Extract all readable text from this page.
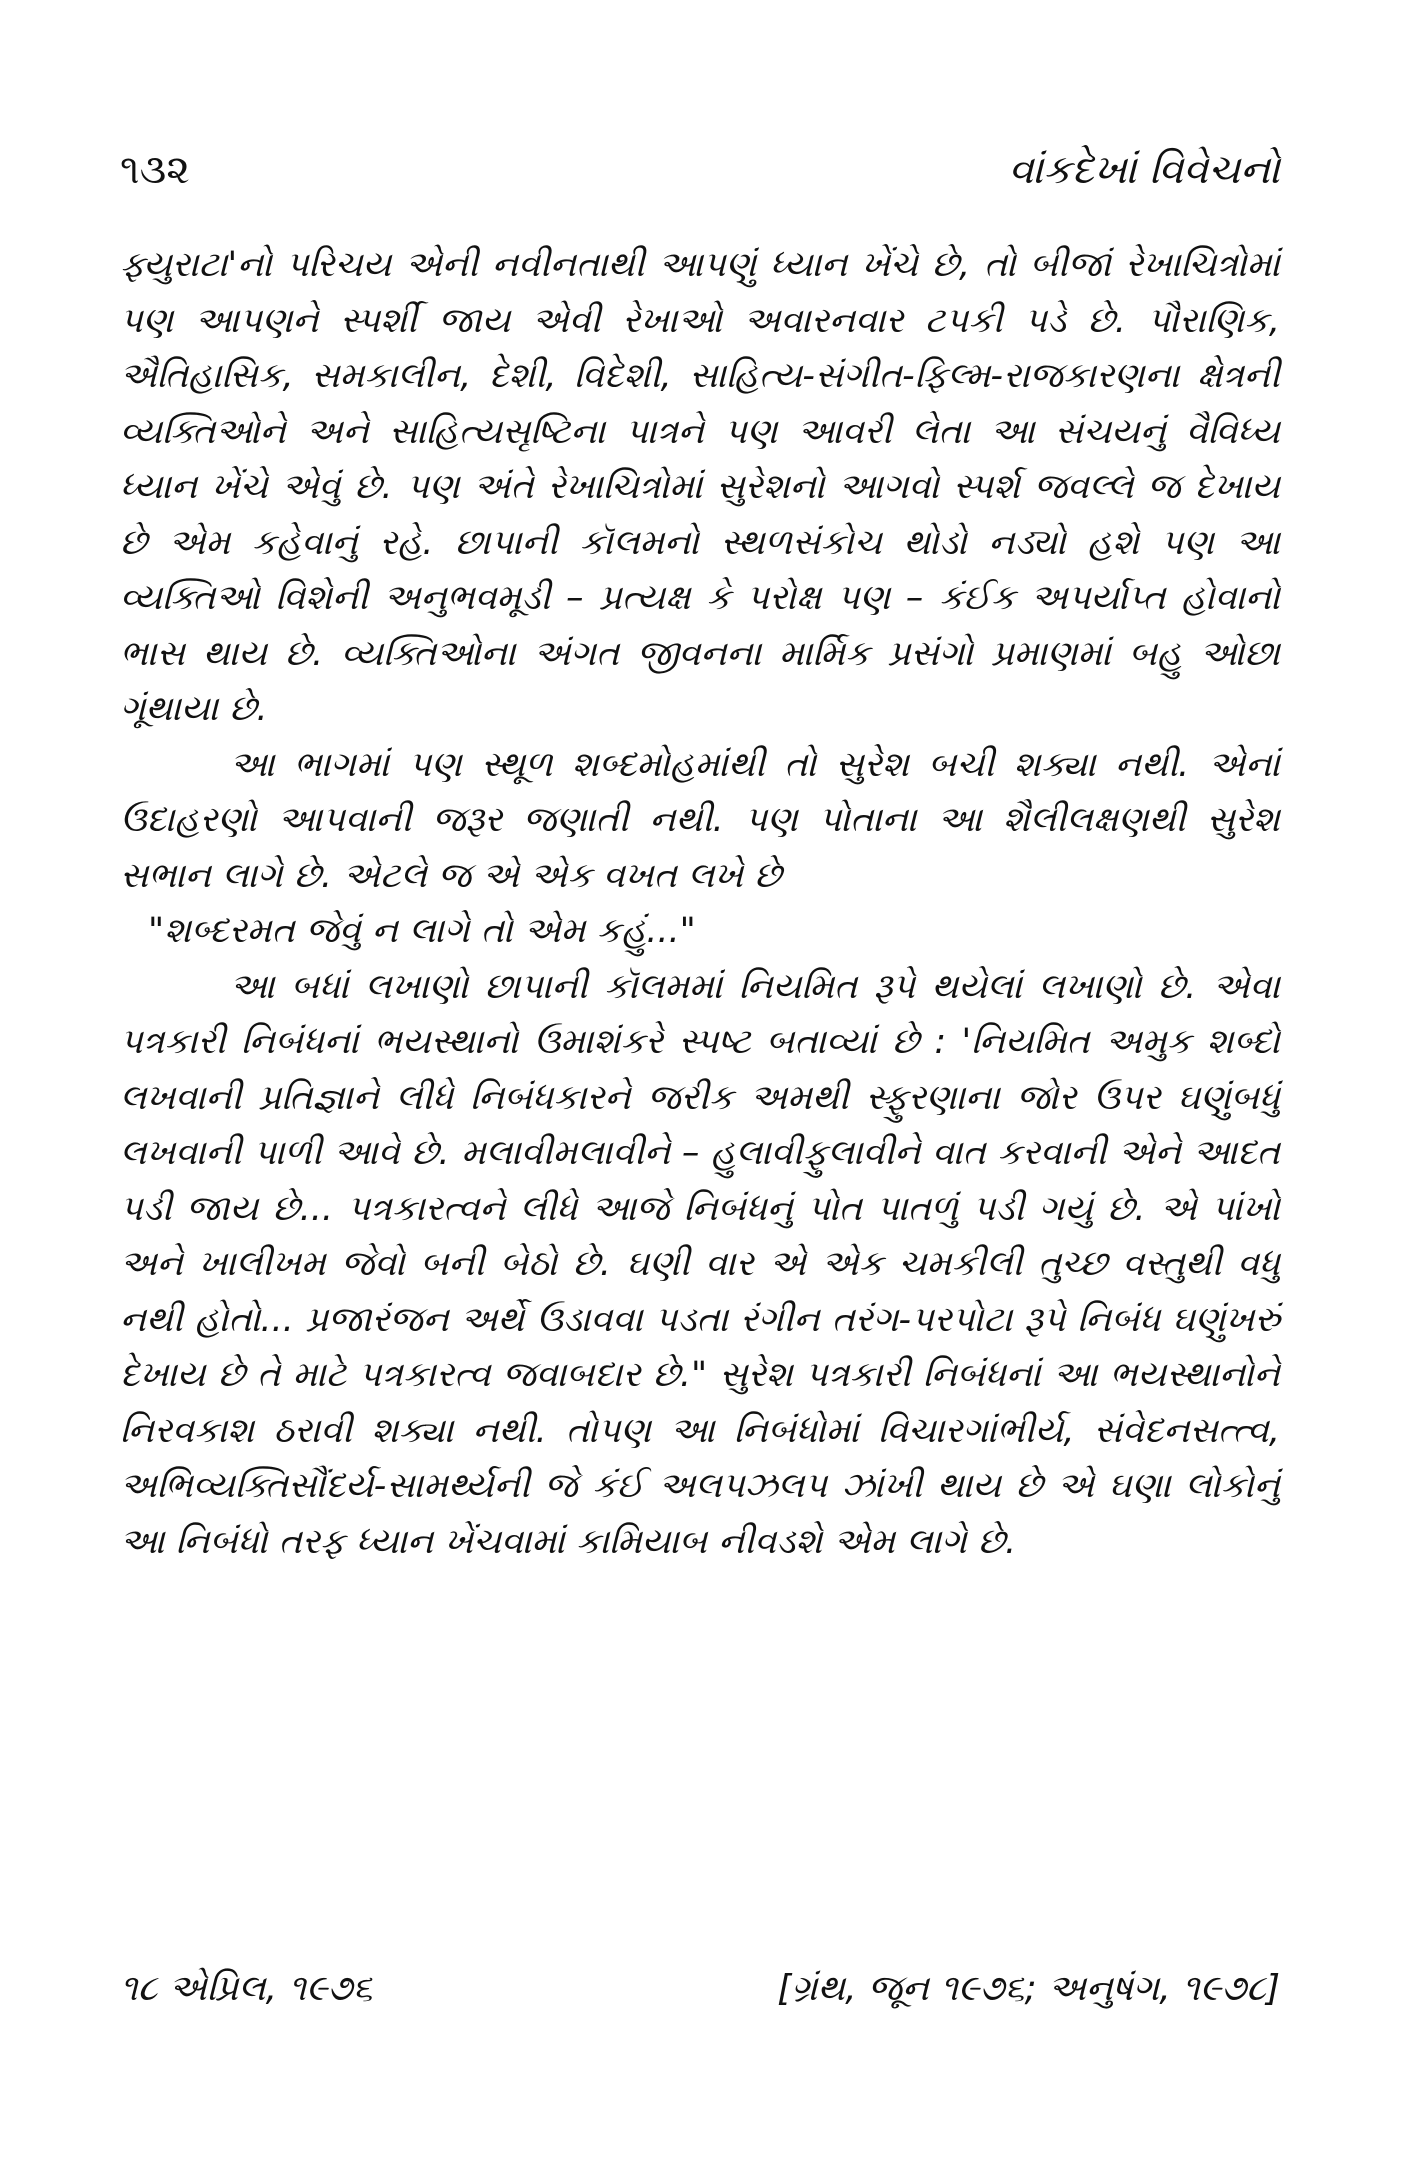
૧૩૨	વાંકદેખાં વિવેચનો

ફ્યુરાટા'નો પરિચય એની નવીનતાથી આપણું ધ્યાન ખેંચે છે, તો બીજાં રેખાચિત્રોમાં પણ આપણને સ્પર્શી જાય એવી રેખાઓ અવારનવાર ટપકી પડે છે. પૌરાણિક, ઐતિહાસિક, સમકાલીન, દેશી, વિદેશી, સાહિત્ય-સંગીત-ફિલ્મ-રાજકારણના ક્ષેત્રની વ્યક્તિઓને અને સાહિત્યસૃષ્ટિના પાત્રને પણ આવરી લેતા આ સંચયનું વૈવિધ્ય ધ્યાન ખેંચે એવું છે. પણ અંતે રેખાચિત્રોમાં સુરેશનો આગવો સ્પર્શ જવલ્લે જ દેખાય છે એમ કહેવાનું રહે. છાપાની કૉલમનો સ્થળસંકોચ થોડો નડ્યો હશે પણ આ વ્યક્તિઓ વિશેની અનુભવમૂડી – પ્રત્યક્ષ કે પરોક્ષ પણ – કંઈક અપર્યાપ્ત હોવાનો ભાસ થાય છે. વ્યક્તિઓના અંગત જીવનના માર્મિક પ્રસંગો પ્રમાણમાં બહુ ઓછા ગૂંથાયા છે.

આ ભાગમાં પણ સ્થૂળ શબ્દમોહમાંથી તો સુરેશ બચી શક્યા નથી. એનાં ઉદાહરણો આપવાની જરૂર જણાતી નથી. પણ પોતાના આ શૈલીલક્ષણથી સુરેશ સભાન લાગે છે. એટલે જ એ એક વખત લખે છે

"શબ્દરમત જેવું ન લાગે તો એમ કહું..."

આ બધાં લખાણો છાપાની કૉલમમાં નિયમિત રૂપે થયેલાં લખાણો છે. એવા પત્રકારી નિબંધનાં ભયસ્થાનો ઉમાશંકરે સ્પષ્ટ બતાવ્યાં છે : 'નિયમિત અમુક શબ્દો લખવાની પ્રતિજ્ઞાને લીધે નિબંધકારને જરીક અમથી સ્ફુરણાના જોર ઉપર ઘણુંબધું લખવાની પાળી આવે છે. મલાવીમલાવીને – હુલાવીફુલાવીને વાત કરવાની એને આદત પડી જાય છે... પત્રકારત્વને લીધે આજે નિબંધનું પોત પાતળું પડી ગયું છે. એ પાંખો અને ખાલીખમ જેવો બની બેઠો છે. ઘણી વાર એ એક ચમકીલી તુચ્છ વસ્તુથી વધુ નથી હોતો... પ્રજારંજન અર્થે ઉડાવવા પડતા રંગીન તરંગ-પરપોટા રૂપે નિબંધ ઘણુંખરું દેખાય છે તે માટે પત્રકારત્વ જવાબદાર છે." સુરેશ પત્રકારી નિબંધનાં આ ભયસ્થાનોને નિરવકાશ ઠરાવી શક્યા નથી. તોપણ આ નિબંધોમાં વિચારગાંભીર્ય, સંવેદનસત્ત્વ, અભિવ્યક્તિસૌંદર્ય-સામર્થ્યની જે કંઈ અલપઝલપ ઝાંખી થાય છે એ ઘણા લોકોનું આ નિબંધો તરફ ધ્યાન ખેંચવામાં કામિયાબ નીવડશે એમ લાગે છે.

૧૮ એપ્રિલ, ૧૯૭૬	[ગ્રંથ, જૂન ૧૯૭૬; અનુષંગ, ૧૯૭૮]
